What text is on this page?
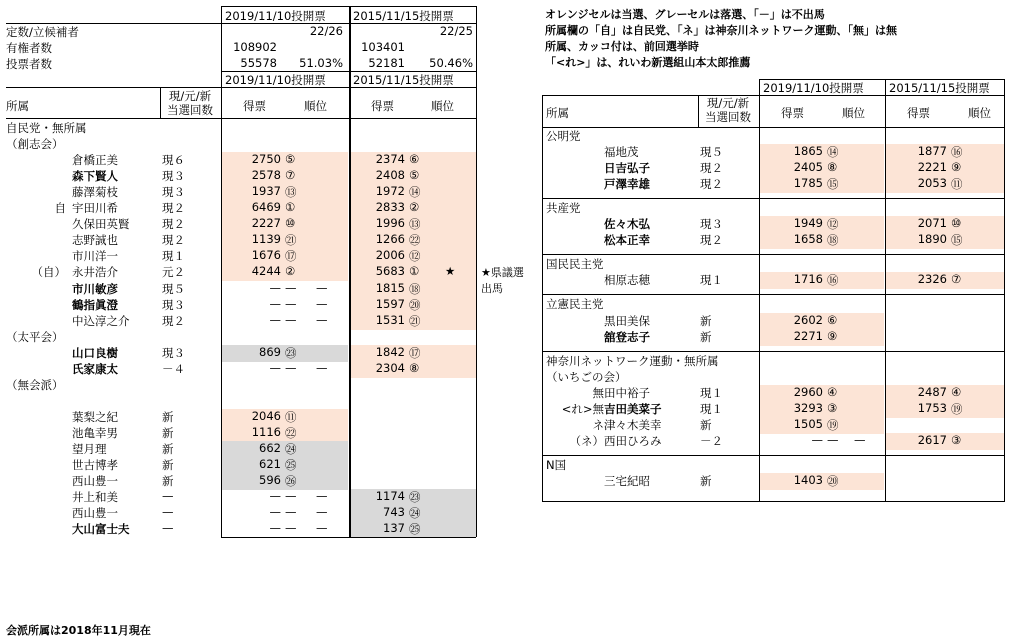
2019/11/10投開票 2015/11/15投開票
定数/立候補者	22/26	22/25
有権者数	108902	103401
投票者数	55578	51.03%	52181	50.46%
2019/11/10投開票 2015/11/15投開票
所属
現/元/新
当選回数	得票	順位	得票	順位
自民党・無所属
（創志会）
倉橋正美	現６	2750 ⑤	2374 ⑥
森下賢人	現３	2578 ⑦	2408 ⑤
藤澤菊枝	現３	1937 ⑬	1972 ⑭
自 宇田川希	現２	6469 ①	2833 ②
久保田英賢	現２	2227 ⑩	1996 ⑬
志野誠也	現２	1139 ㉑	1266 ㉒
市川洋一	現１	1676 ⑰	2006 ⑫
（自） 永井浩介	元２	4244 ②	5683 ① ★
市川敏彦	現５	— — —	1815 ⑱
鶴指眞澄	現３	— — —	1597 ⑳
中込淳之介	現２	— — —	1531 ㉑
（太平会）
山口良樹	現３	869 ㉓	1842 ⑰
氏家康太	－４	— — —	2304 ⑧
（無会派）
葉梨之紀	新	2046 ⑪
池亀幸男	新	1116 ㉒
望月理	新	662 ㉔
世古博孝	新	621 ㉕
西山豊一	新	596 ㉖
井上和美	—	— — —	1174 ㉓
西山豊一	—	— — —	743 ㉔
大山富士夫	—	— — —	137 ㉕
★県議選
出馬
オレンジセルは当選、グレーセルは落選、「－」は不出馬
所属欄の「自」は自民党、「ネ」は神奈川ネットワーク運動、「無」は無
所属、カッコ付は、前回選挙時
「<れ>」は、れいわ新選組山本太郎推薦
2019/11/10投開票 2015/11/15投開票
所属
現/元/新
当選回数	得票	順位	得票	順位
公明党
福地茂	現５	1865 ⑭	1877 ⑯
日吉弘子	現２	2405 ⑧	2221 ⑨
戸澤幸雄	現２	1785 ⑮	2053 ⑪
共産党
佐々木弘	現３	1949 ⑫	2071 ⑩
松本正幸	現２	1658 ⑱	1890 ⑮
国民民主党
相原志穂	現１	1716 ⑯	2326 ⑦
立憲民主党
黒田美保	新	2602 ⑥
舘登志子	新	2271 ⑨
神奈川ネットワーク運動・無所属
（いちごの会）
無 田中裕子	現１	2960 ④	2487 ④
<れ>無 吉田美菜子	現１	3293 ③	1753 ⑲
ネ 津々木美幸	新	1505 ⑲
（ネ） 西田ひろみ	－２	— — —	2617 ③
N国
三宅紀昭	新	1403 ⑳
会派所属は2018年11月現在
